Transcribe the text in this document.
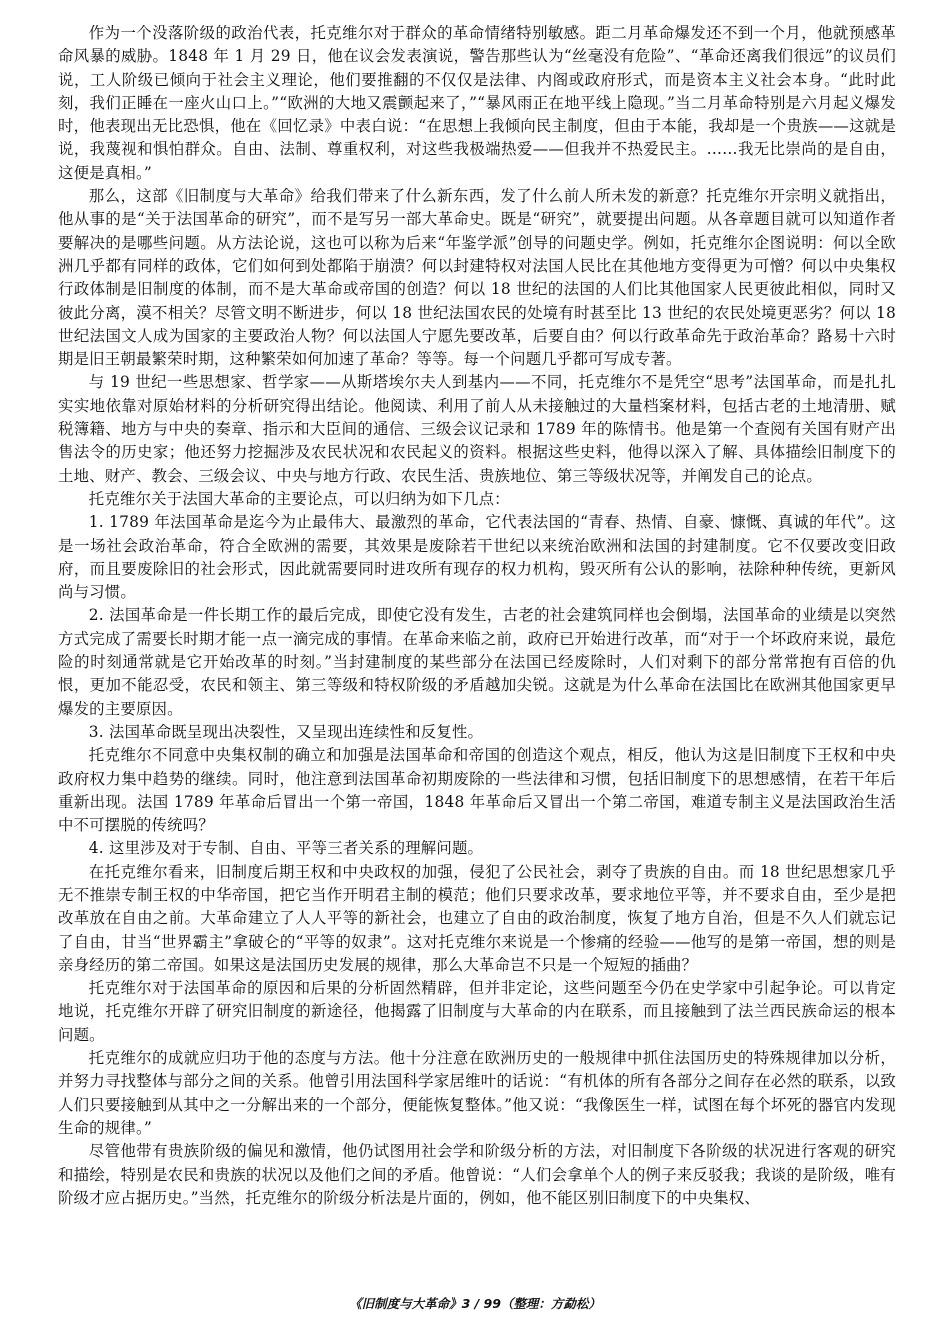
作为一个没落阶级的政治代表，托克维尔对于群众的革命情绪特别敏感。距二月革命爆发还不到一个月，他就预感革命风暴的威胁。1848 年 1 月 29 日，他在议会发表演说，警告那些认为“丝毫没有危险”、“革命还离我们很远”的议员们说，工人阶级已倾向于社会主义理论，他们要推翻的不仅仅是法律、内阁或政府形式，而是资本主义社会本身。“此时此刻，我们正睡在一座火山口上。”“欧洲的大地又震颤起来了，”“暴风雨正在地平线上隐现。”当二月革命特别是六月起义爆发时，他表现出无比恐惧，他在《回忆录》中表白说：“在思想上我倾向民主制度，但由于本能，我却是一个贵族——这就是说，我蔑视和惧怕群众。自由、法制、尊重权利，对这些我极端热爱——但我并不热爱民主。……我无比崇尚的是自由，这便是真相。”

那么，这部《旧制度与大革命》给我们带来了什么新东西，发了什么前人所未发的新意？托克维尔开宗明义就指出，他从事的是“关于法国革命的研究”，而不是写另一部大革命史。既是“研究”，就要提出问题。从各章题目就可以知道作者要解决的是哪些问题。从方法论说，这也可以称为后来“年鉴学派”创导的问题史学。例如，托克维尔企图说明：何以全欧洲几乎都有同样的政体，它们如何到处都陷于崩溃？何以封建特权对法国人民比在其他地方变得更为可憎？何以中央集权行政体制是旧制度的体制，而不是大革命或帝国的创造？何以 18 世纪的法国的人们比其他国家人民更彼此相似，同时又彼此分离，漠不相关？尽管文明不断进步，何以 18 世纪法国农民的处境有时甚至比 13 世纪的农民处境更恶劣？何以 18 世纪法国文人成为国家的主要政治人物？何以法国人宁愿先要改革，后要自由？何以行政革命先于政治革命？路易十六时期是旧王朝最繁荣时期，这种繁荣如何加速了革命？等等。每一个问题几乎都可写成专著。

与 19 世纪一些思想家、哲学家——从斯塔埃尔夫人到基内——不同，托克维尔不是凭空“思考”法国革命，而是扎扎实实地依靠对原始材料的分析研究得出结论。他阅读、利用了前人从未接触过的大量档案材料，包括古老的土地清册、赋税簿籍、地方与中央的奏章、指示和大臣间的通信、三级会议记录和 1789 年的陈情书。他是第一个查阅有关国有财产出售法令的历史家；他还努力挖掘涉及农民状况和农民起义的资料。根据这些史料，他得以深入了解、具体描绘旧制度下的土地、财产、教会、三级会议、中央与地方行政、农民生活、贵族地位、第三等级状况等，并阐发自己的论点。

托克维尔关于法国大革命的主要论点，可以归纳为如下几点：

1. 1789 年法国革命是迄今为止最伟大、最激烈的革命，它代表法国的“青春、热情、自豪、慷慨、真诚的年代”。这是一场社会政治革命，符合全欧洲的需要，其效果是废除若干世纪以来统治欧洲和法国的封建制度。它不仅要改变旧政府，而且要废除旧的社会形式，因此就需要同时进攻所有现存的权力机构，毁灭所有公认的影响，祛除种种传统，更新风尚与习惯。

2. 法国革命是一件长期工作的最后完成，即使它没有发生，古老的社会建筑同样也会倒塌，法国革命的业绩是以突然方式完成了需要长时期才能一点一滴完成的事情。在革命来临之前，政府已开始进行改革，而“对于一个坏政府来说，最危险的时刻通常就是它开始改革的时刻。”当封建制度的某些部分在法国已经废除时，人们对剩下的部分常常抱有百倍的仇恨，更加不能忍受，农民和领主、第三等级和特权阶级的矛盾越加尖锐。这就是为什么革命在法国比在欧洲其他国家更早爆发的主要原因。

3. 法国革命既呈现出决裂性，又呈现出连续性和反复性。

托克维尔不同意中央集权制的确立和加强是法国革命和帝国的创造这个观点，相反，他认为这是旧制度下王权和中央政府权力集中趋势的继续。同时，他注意到法国革命初期废除的一些法律和习惯，包括旧制度下的思想感情，在若干年后重新出现。法国 1789 年革命后冒出一个第一帝国，1848 年革命后又冒出一个第二帝国，难道专制主义是法国政治生活中不可摆脱的传统吗？

4. 这里涉及对于专制、自由、平等三者关系的理解问题。

在托克维尔看来，旧制度后期王权和中央政权的加强，侵犯了公民社会，剥夺了贵族的自由。而 18 世纪思想家几乎无不推崇专制王权的中华帝国，把它当作开明君主制的模范；他们只要求改革，要求地位平等，并不要求自由，至少是把改革放在自由之前。大革命建立了人人平等的新社会，也建立了自由的政治制度，恢复了地方自治，但是不久人们就忘记了自由，甘当“世界霸主”拿破仑的“平等的奴隶”。这对托克维尔来说是一个惨痛的经验——他写的是第一帝国，想的则是亲身经历的第二帝国。如果这是法国历史发展的规律，那么大革命岂不只是一个短短的插曲？

托克维尔对于法国革命的原因和后果的分析固然精辟，但并非定论，这些问题至今仍在史学家中引起争论。可以肯定地说，托克维尔开辟了研究旧制度的新途径，他揭露了旧制度与大革命的内在联系，而且接触到了法兰西民族命运的根本问题。

托克维尔的成就应归功于他的态度与方法。他十分注意在欧洲历史的一般规律中抓住法国历史的特殊规律加以分析，并努力寻找整体与部分之间的关系。他曾引用法国科学家居维叶的话说：“有机体的所有各部分之间存在必然的联系，以致人们只要接触到从其中之一分解出来的一个部分，便能恢复整体。”他又说：“我像医生一样，试图在每个坏死的器官内发现生命的规律。”

尽管他带有贵族阶级的偏见和激情，他仍试图用社会学和阶级分析的方法，对旧制度下各阶级的状况进行客观的研究和描绘，特别是农民和贵族的状况以及他们之间的矛盾。他曾说：“人们会拿单个人的例子来反驳我；我谈的是阶级，唯有阶级才应占据历史。”当然，托克维尔的阶级分析法是片面的，例如，他不能区别旧制度下的中央集权、

《旧制度与大革命》3 / 99（整理：方勐松）
